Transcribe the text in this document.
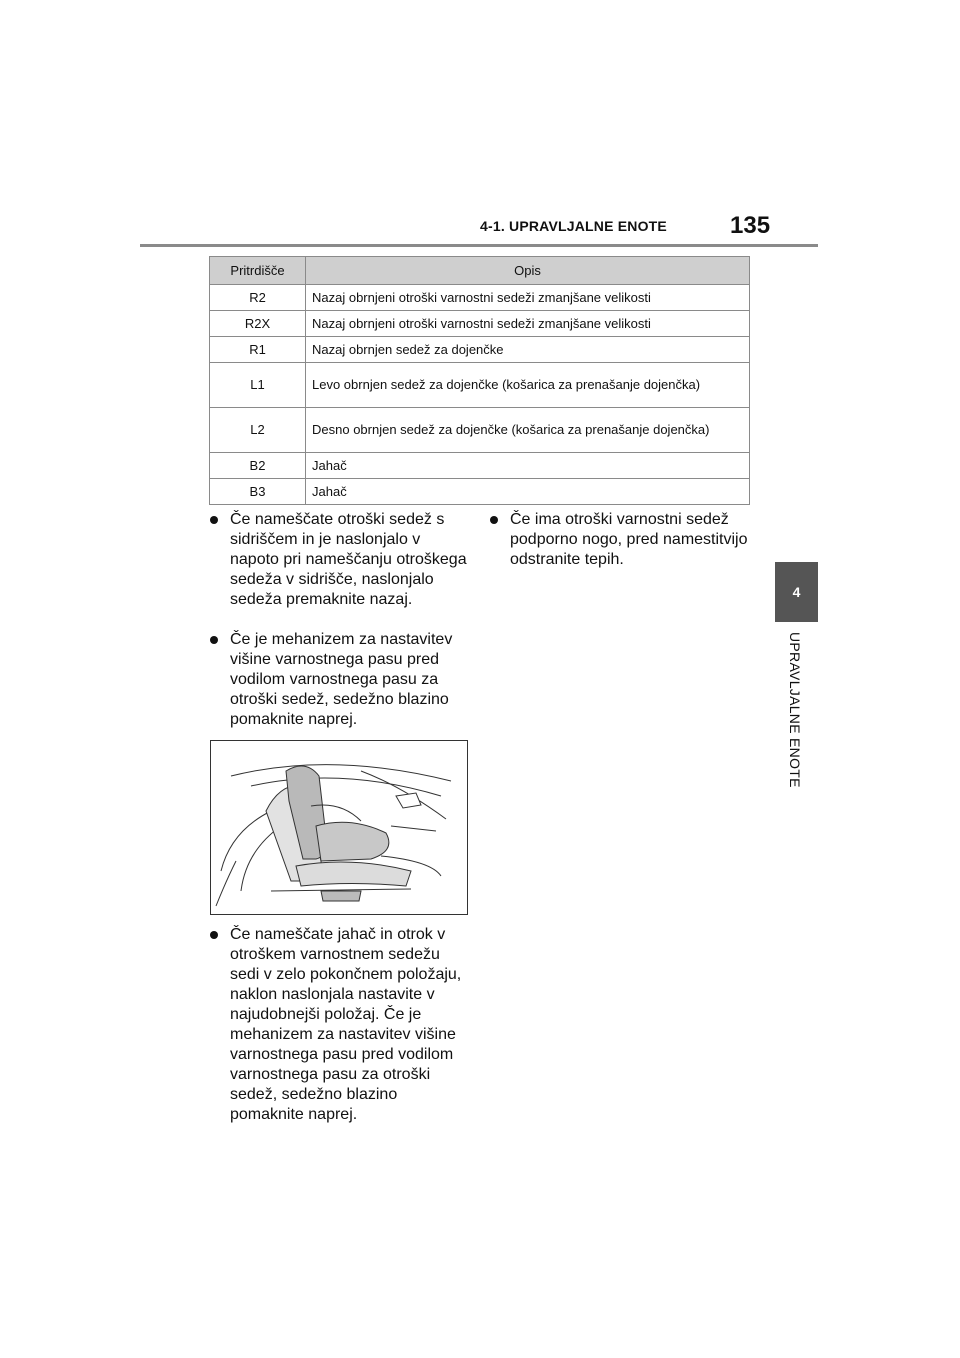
4-1. UPRAVLJALNE ENOTE	135
4
UPRAVLJALNE ENOTE
Pritrdišče	Opis
R2	Nazaj obrnjeni otroški varnostni sedeži zmanjšane velikosti
R2X	Nazaj obrnjeni otroški varnostni sedeži zmanjšane velikosti
R1	Nazaj obrnjen sedež za dojenčke
L1	Levo obrnjen sedež za dojenčke (košarica za prenašanje dojenčka)
L2	Desno obrnjen sedež za dojenčke (košarica za prenašanje dojenčka)
B2	Jahač
B3	Jahač
Če nameščate otroški sedež s sidriščem in je naslonjalo v napoto pri nameščanju otroškega sedeža v sidrišče, naslonjalo sedeža premaknite nazaj.
Če je mehanizem za nastavitev višine varnostnega pasu pred vodilom varnostnega pasu za otroški sedež, sedežno blazino pomaknite naprej.
Če nameščate jahač in otrok v otroškem varnostnem sedežu sedi v zelo pokončnem položaju, naklon naslonjala nastavite v najudobnejši položaj. Če je mehanizem za nastavitev višine varnostnega pasu pred vodilom varnostnega pasu za otroški sedež, sedežno blazino pomaknite naprej.
Če ima otroški varnostni sedež podporno nogo, pred namestitvijo odstranite tepih.
